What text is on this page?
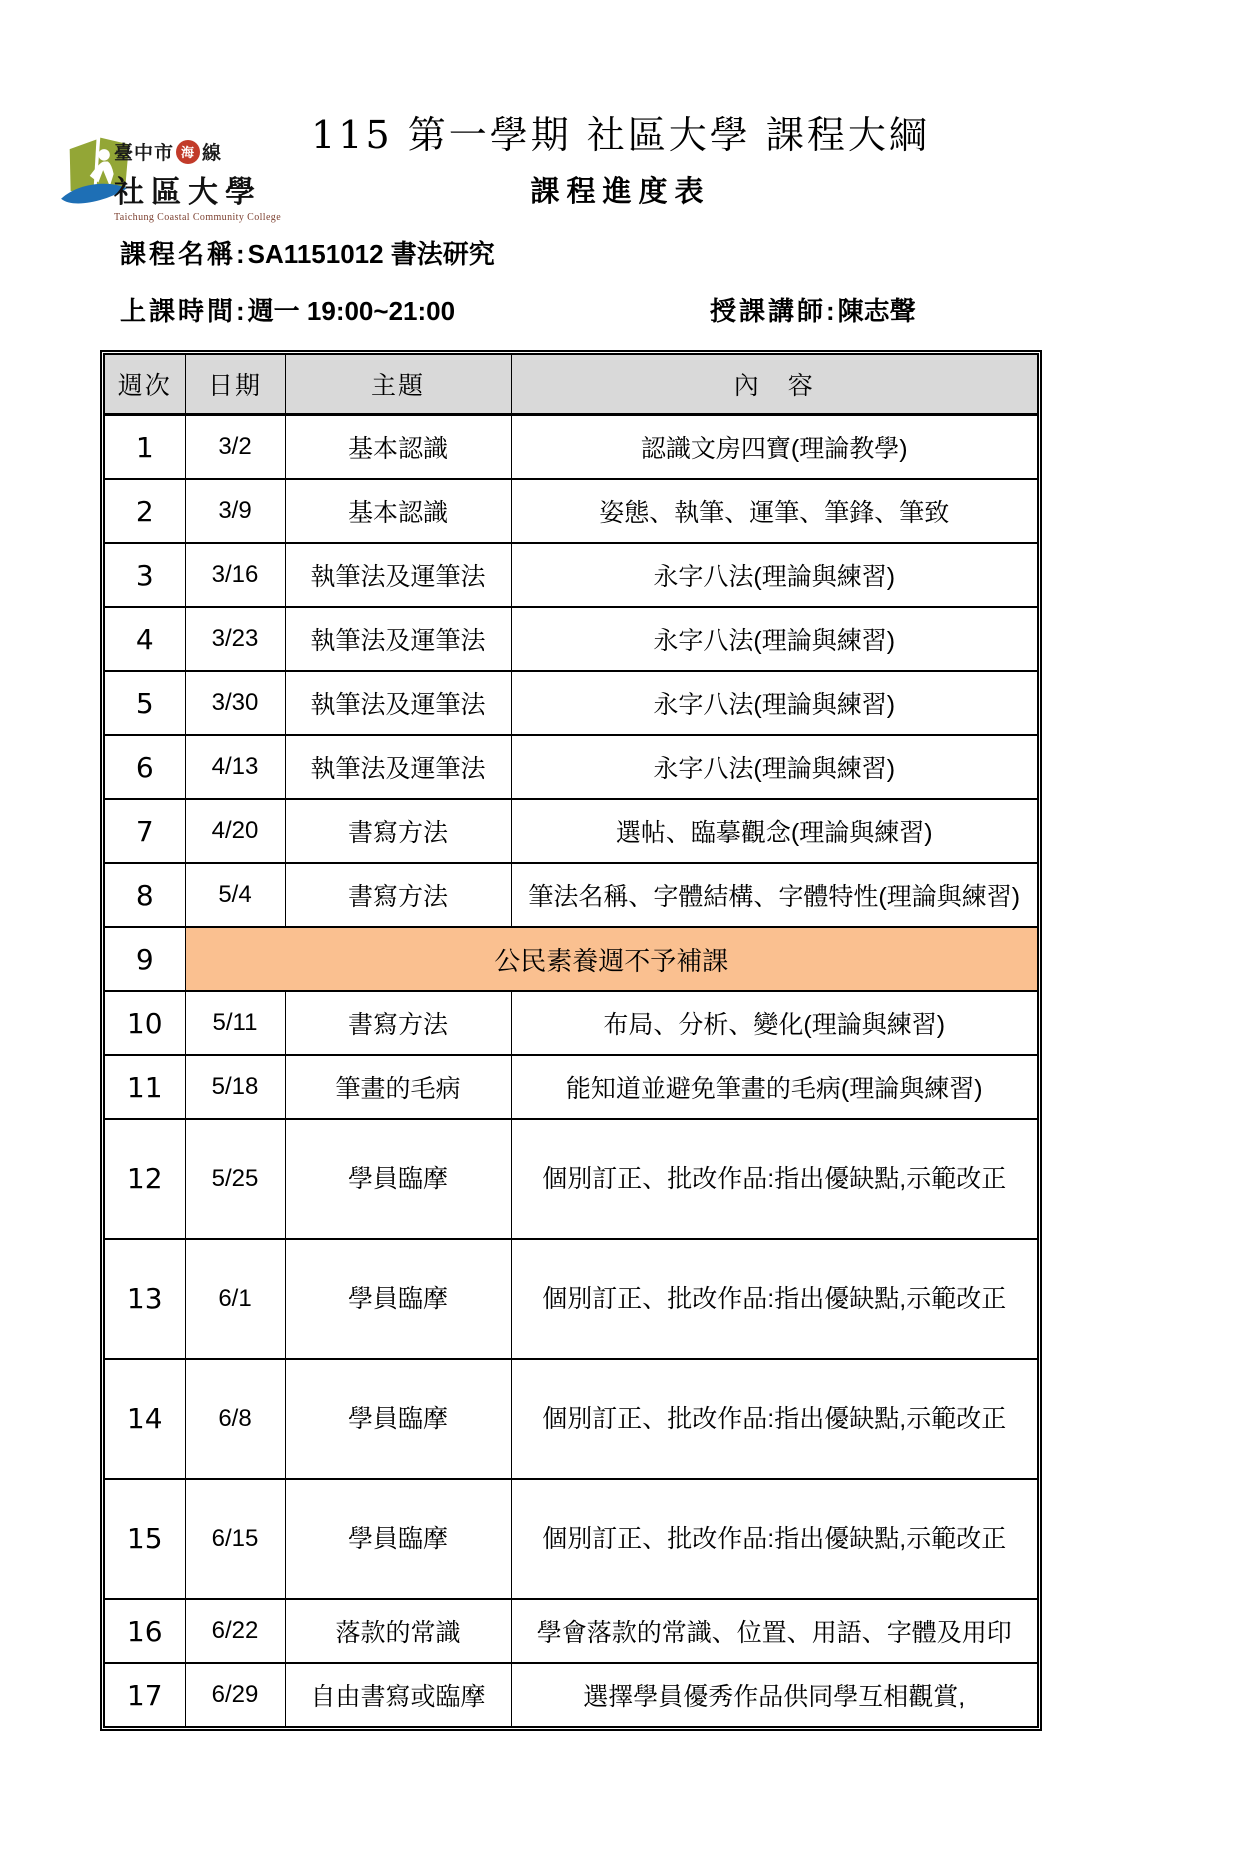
臺中市 海 線
社區大學
Taichung Coastal Community College
115 第一學期 社區大學 課程大綱
課程進度表
課程名稱:SA1151012 書法研究
上課時間:週一 19:00~21:00	授課講師:陳志聲
週次	日期	主題	內　容
1	3/2	基本認識	認識文房四寶(理論教學)
2	3/9	基本認識	姿態、執筆、運筆、筆鋒、筆致
3	3/16	執筆法及運筆法	永字八法(理論與練習)
4	3/23	執筆法及運筆法	永字八法(理論與練習)
5	3/30	執筆法及運筆法	永字八法(理論與練習)
6	4/13	執筆法及運筆法	永字八法(理論與練習)
7	4/20	書寫方法	選帖、臨摹觀念(理論與練習)
8	5/4	書寫方法	筆法名稱、字體結構、字體特性(理論與練習)
9	公民素養週不予補課		
10	5/11	書寫方法	布局、分析、變化(理論與練習)
11	5/18	筆畫的毛病	能知道並避免筆畫的毛病(理論與練習)
12	5/25	學員臨摩	個別訂正、批改作品:指出優缺點,示範改正
13	6/1	學員臨摩	個別訂正、批改作品:指出優缺點,示範改正
14	6/8	學員臨摩	個別訂正、批改作品:指出優缺點,示範改正
15	6/15	學員臨摩	個別訂正、批改作品:指出優缺點,示範改正
16	6/22	落款的常識	學會落款的常識、位置、用語、字體及用印
17	6/29	自由書寫或臨摩	選擇學員優秀作品供同學互相觀賞,
